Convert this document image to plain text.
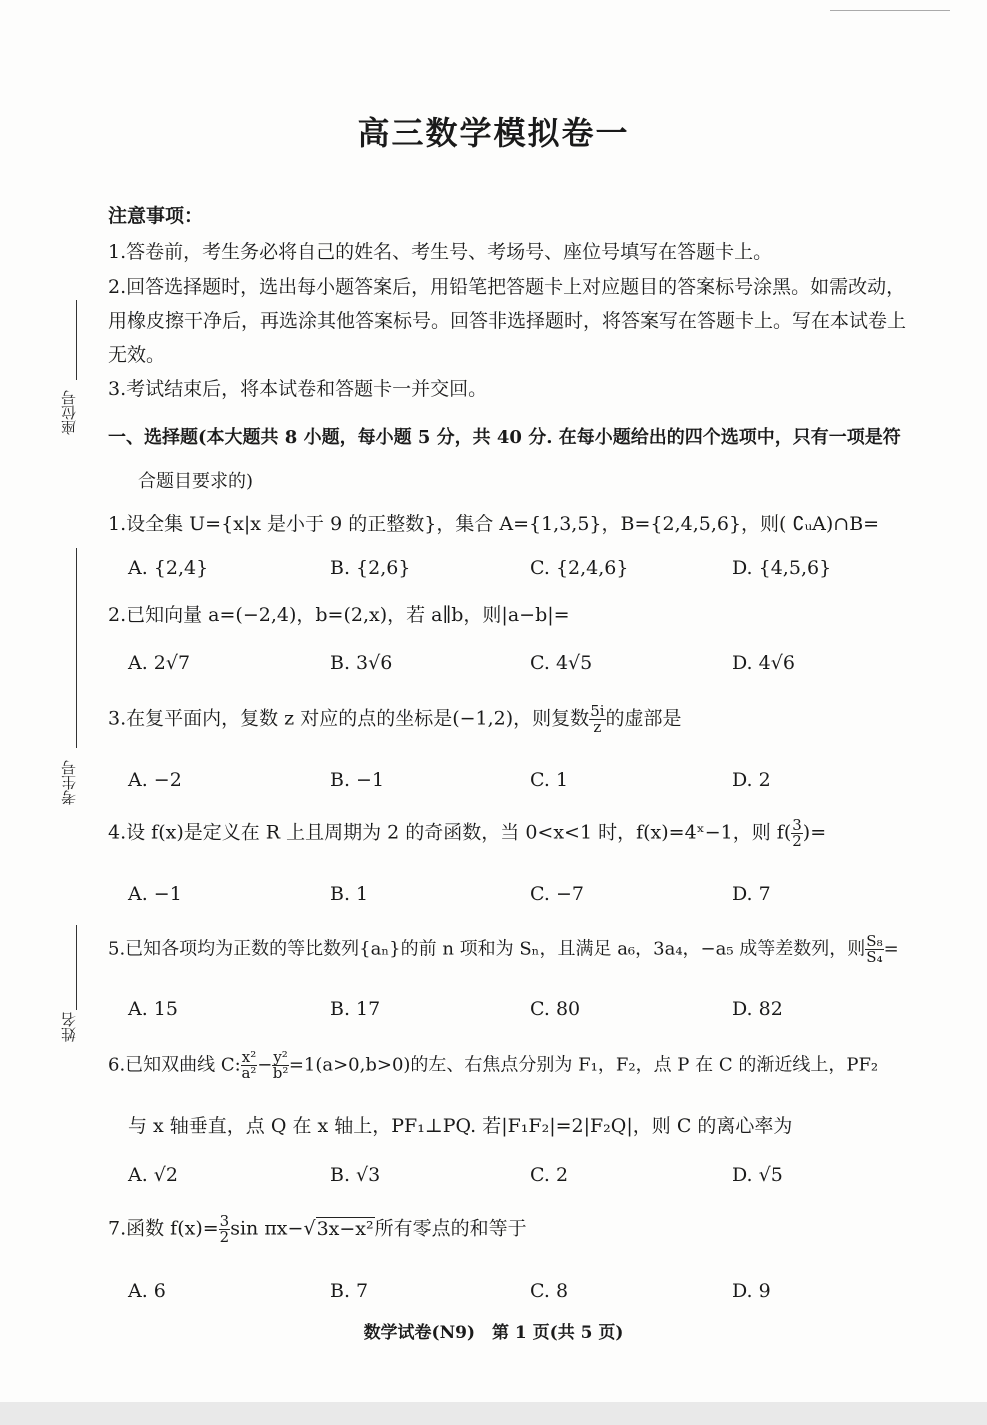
座位号
考生号
姓名
高三数学模拟卷一
注意事项：
1.答卷前，考生务必将自己的姓名、考生号、考场号、座位号填写在答题卡上。
2.回答选择题时，选出每小题答案后，用铅笔把答题卡上对应题目的答案标号涂黑。如需改动，
用橡皮擦干净后，再选涂其他答案标号。回答非选择题时，将答案写在答题卡上。写在本试卷上
无效。
3.考试结束后，将本试卷和答题卡一并交回。
一、选择题(本大题共 8 小题，每小题 5 分，共 40 分. 在每小题给出的四个选项中，只有一项是符
合题目要求的)
1.设全集 U={x|x 是小于 9 的正整数}，集合 A={1,3,5}，B={2,4,5,6}，则( ∁ᵤA)∩B=
A. {2,4}	B. {2,6}	C. {2,4,6}	D. {4,5,6}
2.已知向量 a=(−2,4)，b=(2,x)，若 a∥b，则|a−b|=
A. 2√7	B. 3√6	C. 4√5	D. 4√6
3.在复平面内，复数 z 对应的点的坐标是(−1,2)，则复数 $\frac{5i}{z}$ 的虚部是
A. −2	B. −1	C. 1	D. 2
4.设 f(x)是定义在 R 上且周期为 2 的奇函数，当 0<x<1 时，f(x)=4ˣ−1，则 $f( \frac{3}{2}$ )=
A. −1	B. 1	C. −7	D. 7
5.已知各项均为正数的等比数列{aₙ}的前 n 项和为 Sₙ，且满足 a₆，3a₄，−a₅ 成等差数列，则 $\frac{\text{S₈}}{\text{S₄}}$ =
A. 15	B. 17	C. 80	D. 82
6.已知双曲线 C: $\frac{\text{x²}}{\text{a²}} - \frac{\text{y²}}{\text{b²}} =1(a>0,b>0)$的左、右焦点分别为 F₁，F₂，点 P 在 C 的渐近线上，PF₂
与 x 轴垂直，点 Q 在 x 轴上，PF₁⊥PQ. 若|F₁F₂|=2|F₂Q|，则 C 的离心率为
A. √2	B. √3	C. 2	D. √5
7.函数 $f(x)= \frac{3}{2}$ sin πx−√3x−x²所有零点的和等于
A. 6	B. 7	C. 8	D. 9
数学试卷(N9)　第 1 页(共 5 页)
